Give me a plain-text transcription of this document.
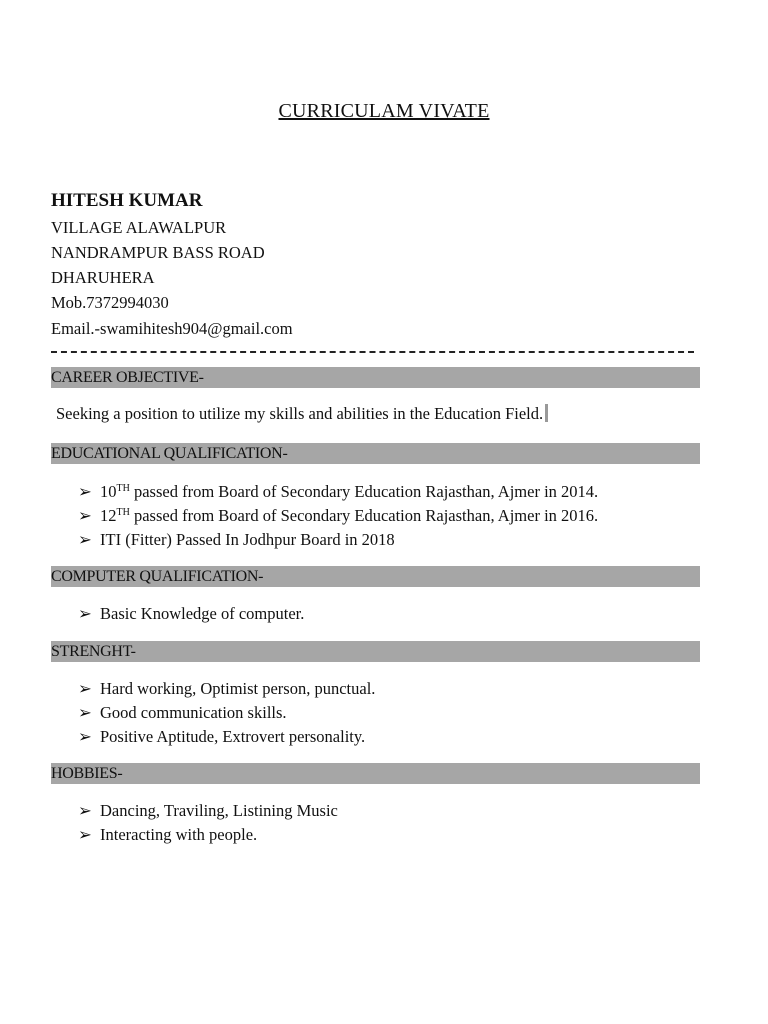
CURRICULAM VIVATE
HITESH KUMAR
VILLAGE ALAWALPUR
NANDRAMPUR BASS ROAD
DHARUHERA
Mob.7372994030
Email.-swamihitesh904@gmail.com
CAREER OBJECTIVE-
Seeking a position to utilize my skills and abilities in the Education Field.
EDUCATIONAL QUALIFICATION-
➢ 10TH passed from Board of Secondary Education Rajasthan, Ajmer in 2014.
➢ 12TH passed from Board of Secondary Education Rajasthan, Ajmer in 2016.
➢ ITI (Fitter) Passed In Jodhpur Board in 2018
COMPUTER QUALIFICATION-
➢ Basic Knowledge of computer.
STRENGHT-
➢ Hard working, Optimist person, punctual.
➢ Good communication skills.
➢ Positive Aptitude, Extrovert personality.
HOBBIES-
➢ Dancing, Traviling, Listining Music
➢ Interacting with people.
